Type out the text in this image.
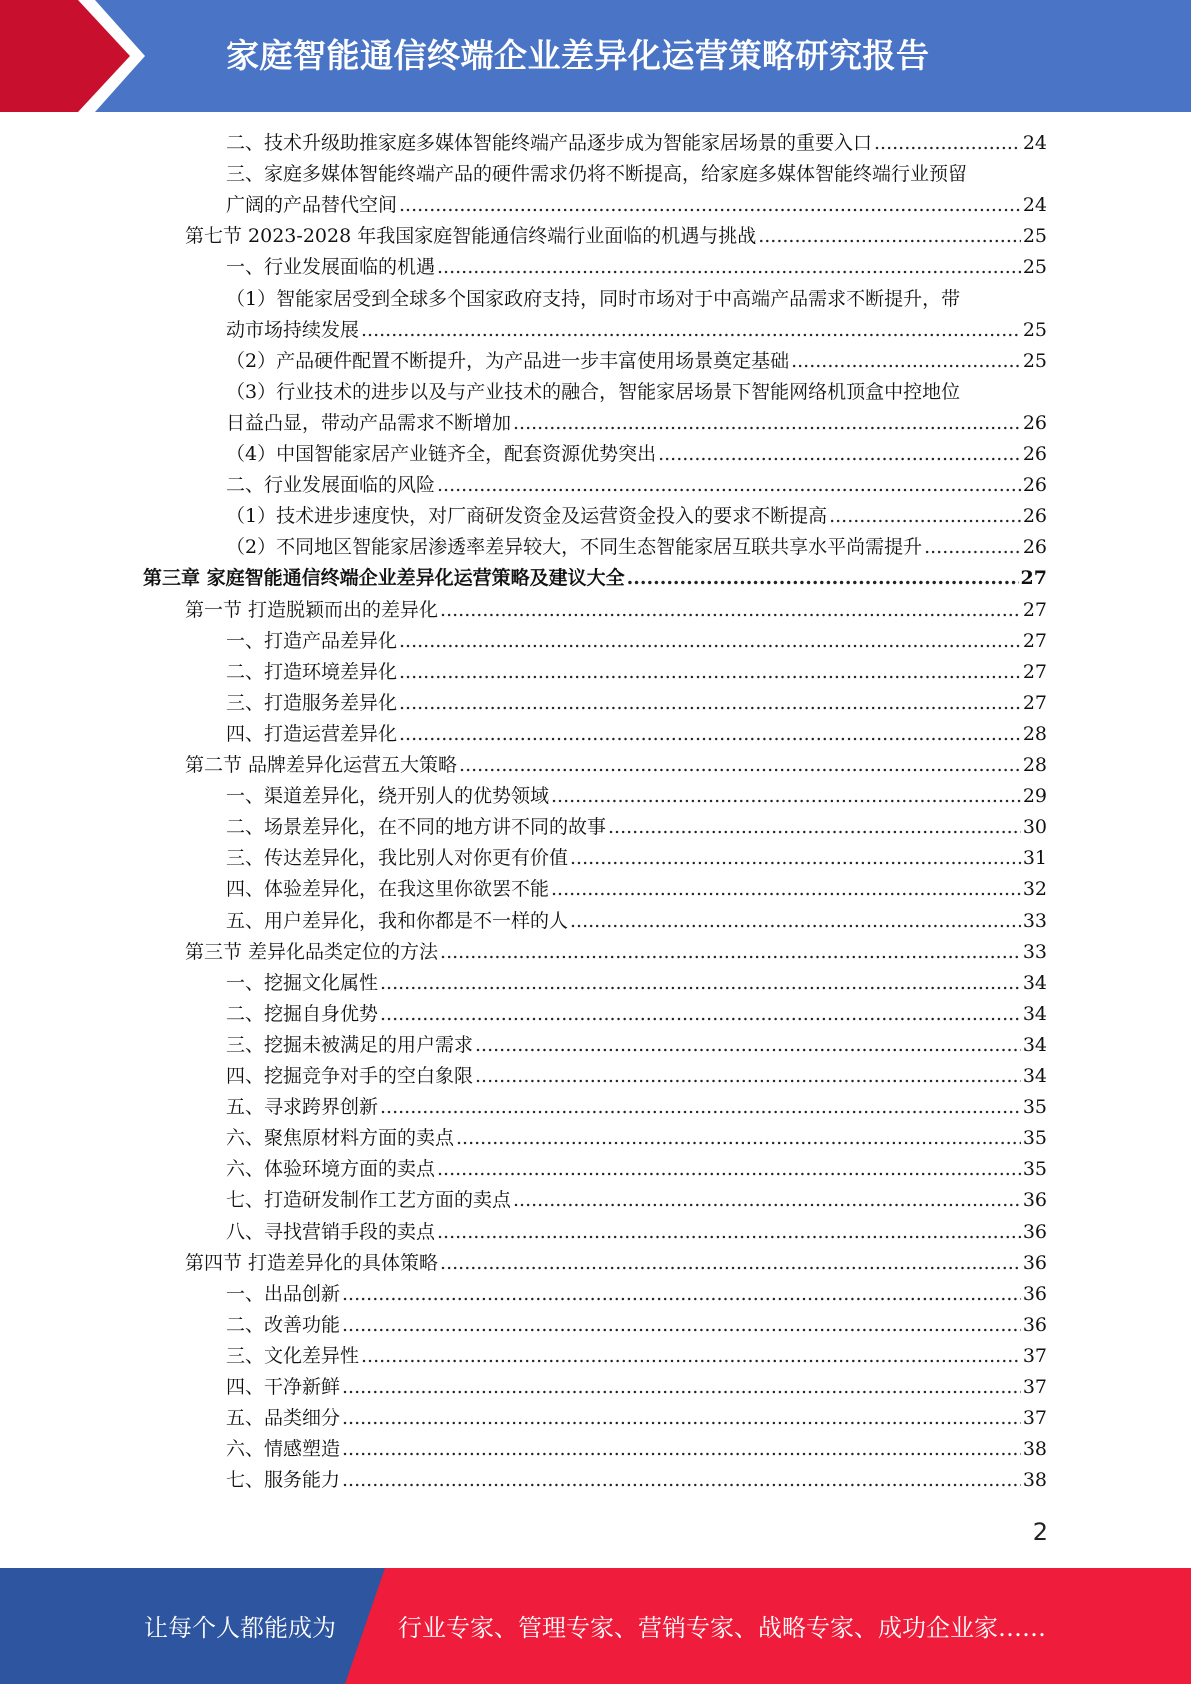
家庭智能通信终端企业差异化运营策略研究报告
二、技术升级助推家庭多媒体智能终端产品逐步成为智能家居场景的重要入口 .....	24
三、家庭多媒体智能终端产品的硬件需求仍将不断提高，给家庭多媒体智能终端行业预留
广阔的产品替代空间 .....	24
第七节 2023-2028 年我国家庭智能通信终端行业面临的机遇与挑战 .....	25
一、行业发展面临的机遇 .....	25
（1）智能家居受到全球多个国家政府支持，同时市场对于中高端产品需求不断提升，带
动市场持续发展 .....	25
（2）产品硬件配置不断提升，为产品进一步丰富使用场景奠定基础 .....	25
（3）行业技术的进步以及与产业技术的融合，智能家居场景下智能网络机顶盒中控地位
日益凸显，带动产品需求不断增加 .....	26
（4）中国智能家居产业链齐全，配套资源优势突出 .....	26
二、行业发展面临的风险 .....	26
（1）技术进步速度快，对厂商研发资金及运营资金投入的要求不断提高 .....	26
（2）不同地区智能家居渗透率差异较大，不同生态智能家居互联共享水平尚需提升 .....	26
第三章 家庭智能通信终端企业差异化运营策略及建议大全 .....	27
第一节 打造脱颖而出的差异化 .....	27
一、打造产品差异化 .....	27
二、打造环境差异化 .....	27
三、打造服务差异化 .....	27
四、打造运营差异化 .....	28
第二节 品牌差异化运营五大策略 .....	28
一、渠道差异化，绕开别人的优势领域 .....	29
二、场景差异化，在不同的地方讲不同的故事 .....	30
三、传达差异化，我比别人对你更有价值 .....	31
四、体验差异化，在我这里你欲罢不能 .....	32
五、用户差异化，我和你都是不一样的人 .....	33
第三节 差异化品类定位的方法 .....	33
一、挖掘文化属性 .....	34
二、挖掘自身优势 .....	34
三、挖掘未被满足的用户需求 .....	34
四、挖掘竞争对手的空白象限 .....	34
五、寻求跨界创新 .....	35
六、聚焦原材料方面的卖点 .....	35
六、体验环境方面的卖点 .....	35
七、打造研发制作工艺方面的卖点 .....	36
八、寻找营销手段的卖点 .....	36
第四节 打造差异化的具体策略 .....	36
一、出品创新 .....	36
二、改善功能 .....	36
三、文化差异性 .....	37
四、干净新鲜 .....	37
五、品类细分 .....	37
六、情感塑造 .....	38
七、服务能力 .....	38
2
让每个人都能成为	行业专家、管理专家、营销专家、战略专家、成功企业家……
